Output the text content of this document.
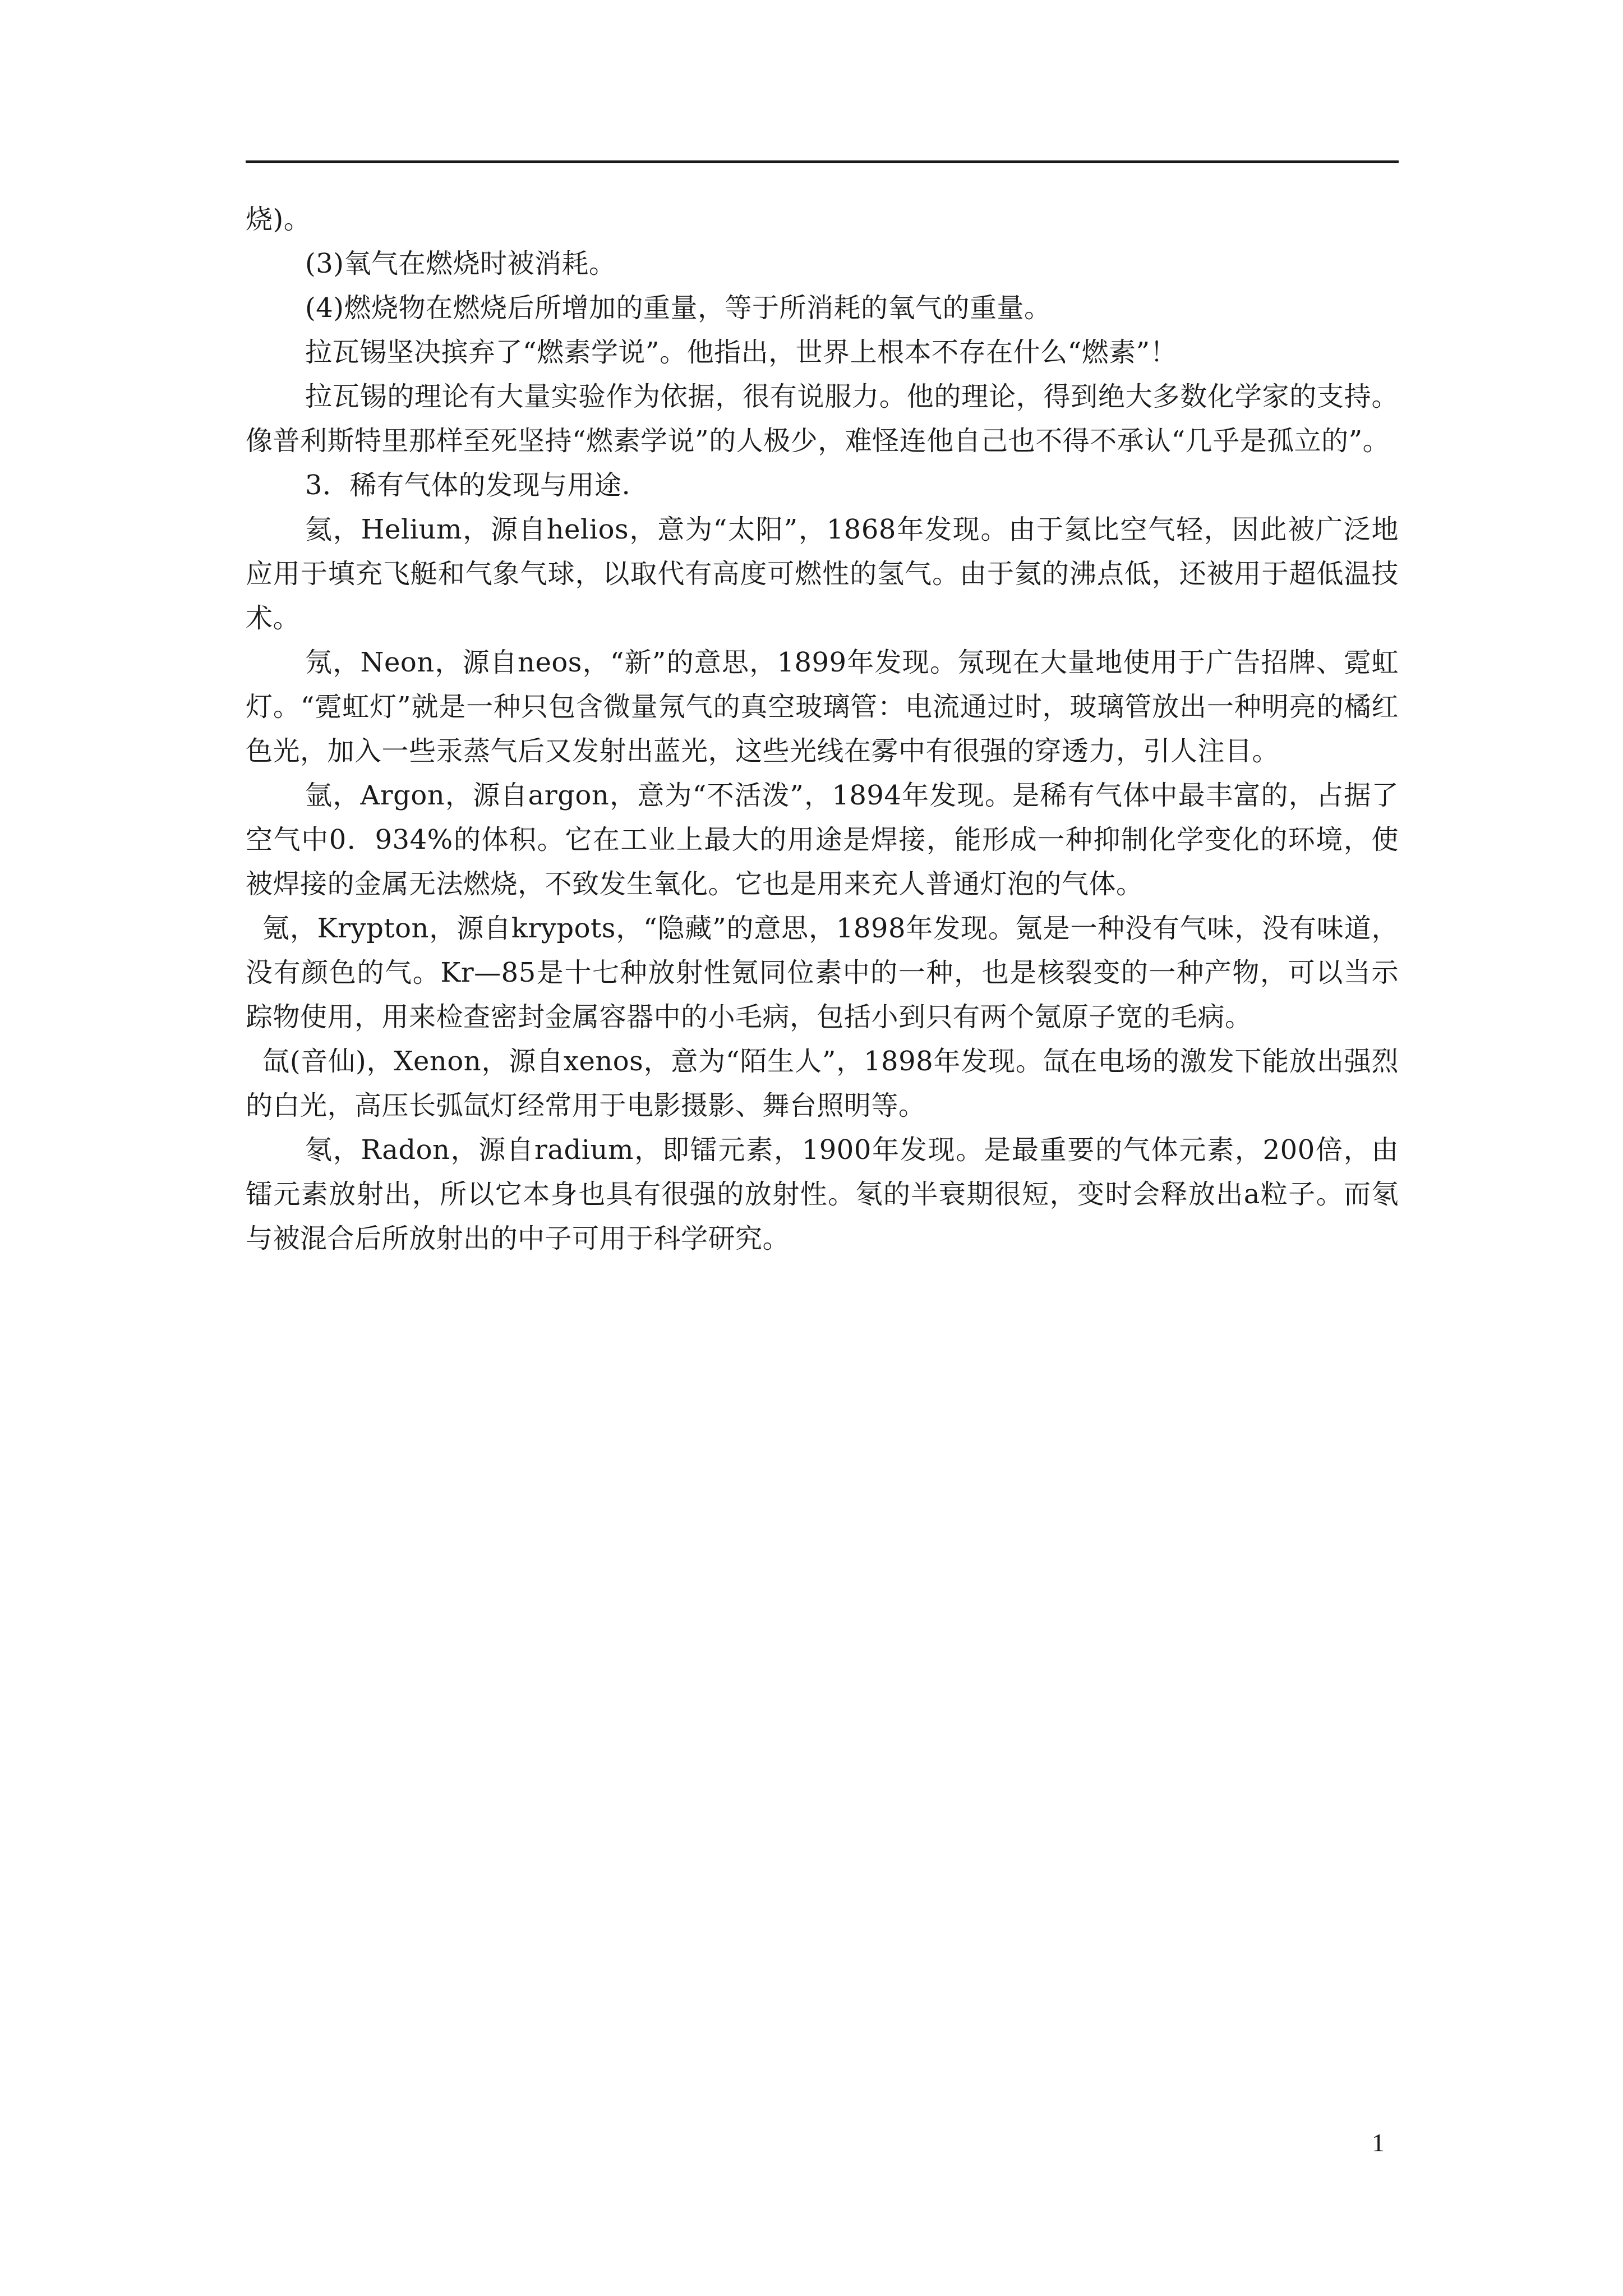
烧)。

(3)氧气在燃烧时被消耗。

(4)燃烧物在燃烧后所增加的重量，等于所消耗的氧气的重量。

拉瓦锡坚决摈弃了“燃素学说”。他指出，世界上根本不存在什么“燃素”！

拉瓦锡的理论有大量实验作为依据，很有说服力。他的理论，得到绝大多数化学家的支持。像普利斯特里那样至死坚持“燃素学说”的人极少，难怪连他自己也不得不承认“几乎是孤立的”。

3．稀有气体的发现与用途.

氦，Helium，源自helios，意为“太阳”，1868年发现。由于氦比空气轻，因此被广泛地应用于填充飞艇和气象气球，以取代有高度可燃性的氢气。由于氦的沸点低，还被用于超低温技术。

氖，Neon，源自neos，“新”的意思，1899年发现。氖现在大量地使用于广告招牌、霓虹灯。“霓虹灯”就是一种只包含微量氖气的真空玻璃管：电流通过时，玻璃管放出一种明亮的橘红色光，加入一些汞蒸气后又发射出蓝光，这些光线在雾中有很强的穿透力，引人注目。

氩，Argon，源自argon，意为“不活泼”，1894年发现。是稀有气体中最丰富的，占据了空气中0．934%的体积。它在工业上最大的用途是焊接，能形成一种抑制化学变化的环境，使被焊接的金属无法燃烧，不致发生氧化。它也是用来充人普通灯泡的气体。

氪，Krypton，源自krypots，“隐藏”的意思，1898年发现。氪是一种没有气味，没有味道，没有颜色的气。Kr—85是十七种放射性氪同位素中的一种，也是核裂变的一种产物，可以当示踪物使用，用来检查密封金属容器中的小毛病，包括小到只有两个氪原子宽的毛病。

氙(音仙)，Xenon，源自xenos，意为“陌生人”，1898年发现。氙在电场的激发下能放出强烈的白光，高压长弧氙灯经常用于电影摄影、舞台照明等。

氡，Radon，源自radium，即镭元素，1900年发现。是最重要的气体元素，200倍，由镭元素放射出，所以它本身也具有很强的放射性。氡的半衰期很短，变时会释放出a粒子。而氡与被混合后所放射出的中子可用于科学研究。

1
